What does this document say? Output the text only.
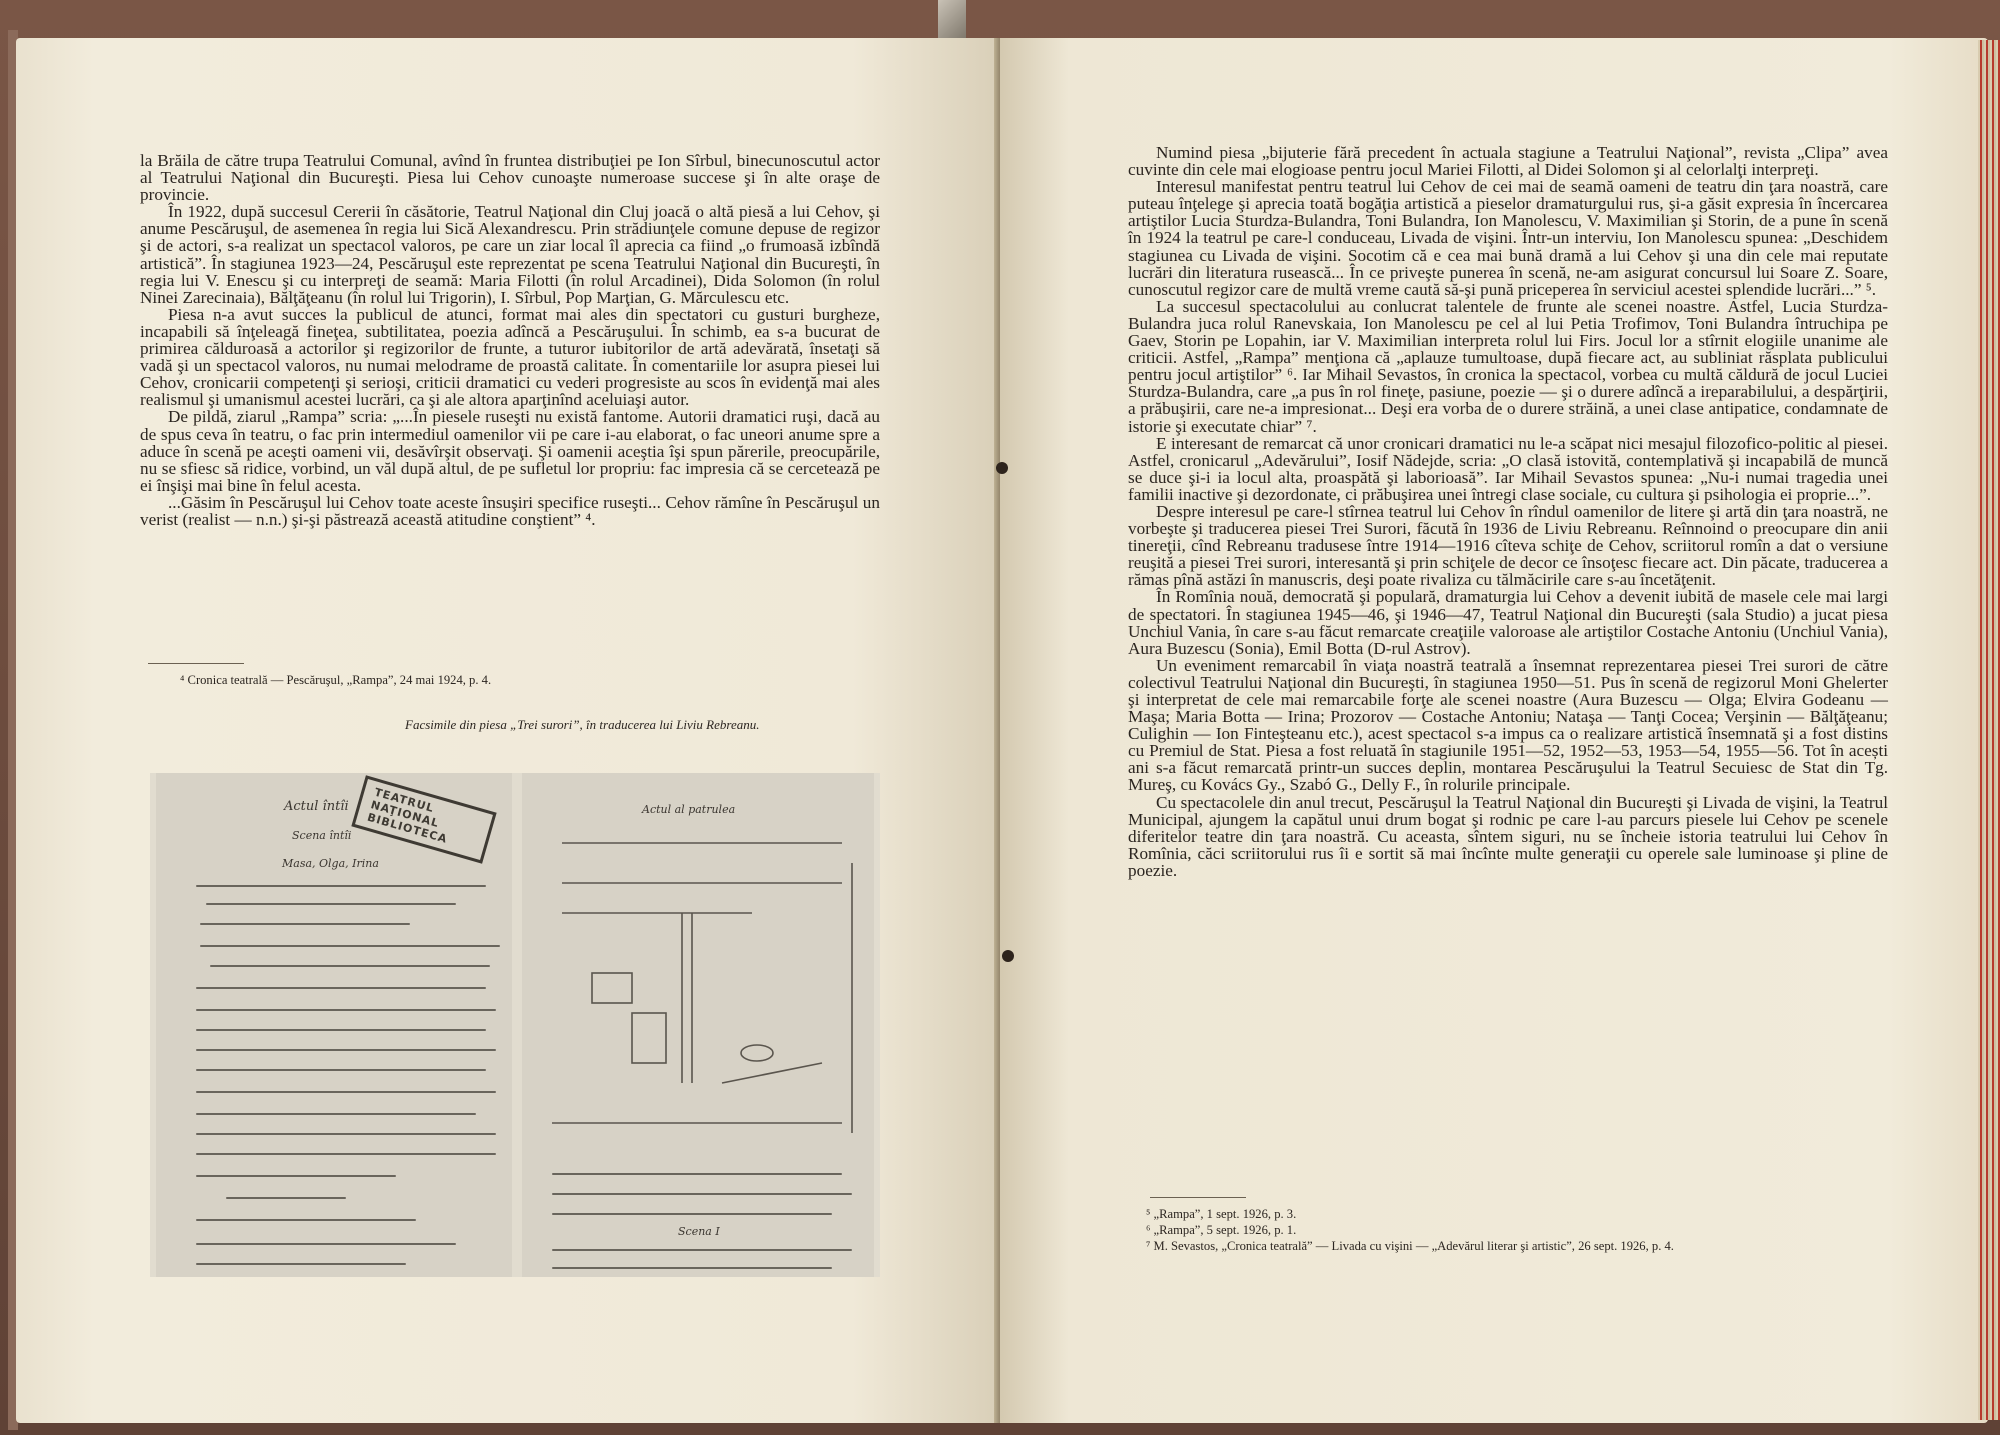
la Brăila de către trupa Teatrului Comunal, avînd în fruntea distribuţiei pe Ion Sîrbul, binecunoscutul actor al Teatrului Naţional din Bucureşti. Piesa lui Cehov cunoaşte numeroase succese şi în alte oraşe de provincie.

În 1922, după succesul Cererii în căsătorie, Teatrul Naţional din Cluj joacă o altă piesă a lui Cehov, şi anume Pescăruşul, de asemenea în regia lui Sică Alexandrescu. Prin strădiunţele comune depuse de regizor şi de actori, s-a realizat un spectacol valoros, pe care un ziar local îl aprecia ca fiind „o frumoasă izbîndă artistică”. În stagiunea 1923—24, Pescăruşul este reprezentat pe scena Teatrului Naţional din Bucureşti, în regia lui V. Enescu şi cu interpreţi de seamă: Maria Filotti (în rolul Arcadinei), Dida Solomon (în rolul Ninei Zarecinaia), Bălţăţeanu (în rolul lui Trigorin), I. Sîrbul, Pop Marţian, G. Mărculescu etc.

Piesa n-a avut succes la publicul de atunci, format mai ales din spectatori cu gusturi burgheze, incapabili să înţeleagă fineţea, subtilitatea, poezia adîncă a Pescăruşului. În schimb, ea s-a bucurat de primirea călduroasă a actorilor şi regizorilor de frunte, a tuturor iubitorilor de artă adevărată, însetaţi să vadă şi un spectacol valoros, nu numai melodrame de proastă calitate. În comentariile lor asupra piesei lui Cehov, cronicarii competenţi şi serioşi, criticii dramatici cu vederi progresiste au scos în evidenţă mai ales realismul şi umanismul acestei lucrări, ca şi ale altora aparţinînd aceluiaşi autor.

De pildă, ziarul „Rampa” scria: „...În piesele ruseşti nu există fantome. Autorii dramatici ruşi, dacă au de spus ceva în teatru, o fac prin intermediul oamenilor vii pe care i-au elaborat, o fac uneori anume spre a aduce în scenă pe aceşti oameni vii, desăvîrşit observaţi. Şi oamenii aceştia îşi spun părerile, preocupările, nu se sfiesc să ridice, vorbind, un văl după altul, de pe sufletul lor propriu: fac impresia că se cercetează pe ei înşişi mai bine în felul acesta.

...Găsim în Pescăruşul lui Cehov toate aceste însuşiri specifice ruseşti... Cehov rămîne în Pescăruşul un verist (realist — n.n.) şi-şi păstrează această atitudine conştient” ⁴.

⁴ Cronica teatrală — Pescăruşul, „Rampa”, 24 mai 1924, p. 4.
Facsimile din piesa „Trei surori”, în traducerea lui Liviu Rebreanu.
Actul întîi
Scena întîi
Masa, Olga, Irina
TEATRUL NAŢIONAL BIBLIOTECA
Actul al patrulea
Scena I

Numind piesa „bijuterie fără precedent în actuala stagiune a Teatrului Naţional”, revista „Clipa” avea cuvinte din cele mai elogioase pentru jocul Mariei Filotti, al Didei Solomon şi al celorlalţi interpreţi.

Interesul manifestat pentru teatrul lui Cehov de cei mai de seamă oameni de teatru din ţara noastră, care puteau înţelege şi aprecia toată bogăţia artistică a pieselor dramaturgului rus, şi-a găsit expresia în încercarea artiştilor Lucia Sturdza-Bulandra, Toni Bulandra, Ion Manolescu, V. Maximilian şi Storin, de a pune în scenă în 1924 la teatrul pe care-l conduceau, Livada de vişini. Într-un interviu, Ion Manolescu spunea: „Deschidem stagiunea cu Livada de vişini. Socotim că e cea mai bună dramă a lui Cehov şi una din cele mai reputate lucrări din literatura rusească... În ce priveşte punerea în scenă, ne-am asigurat concursul lui Soare Z. Soare, cunoscutul regizor care de multă vreme caută să-şi pună priceperea în serviciul acestei splendide lucrări...” ⁵.

La succesul spectacolului au conlucrat talentele de frunte ale scenei noastre. Astfel, Lucia Sturdza-Bulandra juca rolul Ranevskaia, Ion Manolescu pe cel al lui Petia Trofimov, Toni Bulandra întruchipa pe Gaev, Storin pe Lopahin, iar V. Maximilian interpreta rolul lui Firs. Jocul lor a stîrnit elogiile unanime ale criticii. Astfel, „Rampa” menţiona că „aplauze tumultoase, după fiecare act, au subliniat răsplata publicului pentru jocul artiştilor” ⁶. Iar Mihail Sevastos, în cronica la spectacol, vorbea cu multă căldură de jocul Luciei Sturdza-Bulandra, care „a pus în rol fineţe, pasiune, poezie — şi o durere adîncă a ireparabilului, a despărţirii, a prăbuşirii, care ne-a impresionat... Deşi era vorba de o durere străină, a unei clase antipatice, condamnate de istorie şi executate chiar” ⁷.

E interesant de remarcat că unor cronicari dramatici nu le-a scăpat nici mesajul filozofico-politic al piesei. Astfel, cronicarul „Adevărului”, Iosif Nădejde, scria: „O clasă istovită, contemplativă şi incapabilă de muncă se duce şi-i ia locul alta, proaspătă şi laborioasă”. Iar Mihail Sevastos spunea: „Nu-i numai tragedia unei familii inactive şi dezordonate, ci prăbuşirea unei întregi clase sociale, cu cultura şi psihologia ei proprie...”.

Despre interesul pe care-l stîrnea teatrul lui Cehov în rîndul oamenilor de litere şi artă din ţara noastră, ne vorbeşte şi traducerea piesei Trei Surori, făcută în 1936 de Liviu Rebreanu. Reînnoind o preocupare din anii tinereţii, cînd Rebreanu tradusese între 1914—1916 cîteva schiţe de Cehov, scriitorul romîn a dat o versiune reuşită a piesei Trei surori, interesantă şi prin schiţele de decor ce însoţesc fiecare act. Din păcate, traducerea a rămas pînă astăzi în manuscris, deşi poate rivaliza cu tălmăcirile care s-au încetăţenit.

În Romînia nouă, democrată şi populară, dramaturgia lui Cehov a devenit iubită de masele cele mai largi de spectatori. În stagiunea 1945—46, şi 1946—47, Teatrul Naţional din Bucureşti (sala Studio) a jucat piesa Unchiul Vania, în care s-au făcut remarcate creaţiile valoroase ale artiştilor Costache Antoniu (Unchiul Vania), Aura Buzescu (Sonia), Emil Botta (D-rul Astrov).

Un eveniment remarcabil în viaţa noastră teatrală a însemnat reprezentarea piesei Trei surori de către colectivul Teatrului Naţional din Bucureşti, în stagiunea 1950—51. Pus în scenă de regizorul Moni Ghelerter şi interpretat de cele mai remarcabile forţe ale scenei noastre (Aura Buzescu — Olga; Elvira Godeanu — Maşa; Maria Botta — Irina; Prozorov — Costache Antoniu; Nataşa — Tanţi Cocea; Verşinin — Bălţăţeanu; Culighin — Ion Finteşteanu etc.), acest spectacol s-a impus ca o realizare artistică însemnată şi a fost distins cu Premiul de Stat. Piesa a fost reluată în stagiunile 1951—52, 1952—53, 1953—54, 1955—56. Tot în acești ani s-a făcut remarcată printr-un succes deplin, montarea Pescăruşului la Teatrul Secuiesc de Stat din Tg. Mureş, cu Kovács Gy., Szabó G., Delly F., în rolurile principale.

Cu spectacolele din anul trecut, Pescăruşul la Teatrul Naţional din Bucureşti şi Livada de vişini, la Teatrul Municipal, ajungem la capătul unui drum bogat şi rodnic pe care l-au parcurs piesele lui Cehov pe scenele diferitelor teatre din ţara noastră. Cu aceasta, sîntem siguri, nu se încheie istoria teatrului lui Cehov în Romînia, căci scriitorului rus îi e sortit să mai încînte multe generaţii cu operele sale luminoase şi pline de poezie.

⁵ „Rampa”, 1 sept. 1926, p. 3.
⁶ „Rampa”, 5 sept. 1926, p. 1.
⁷ M. Sevastos, „Cronica teatrală” — Livada cu vişini — „Adevărul literar şi artistic”, 26 sept. 1926, p. 4.
